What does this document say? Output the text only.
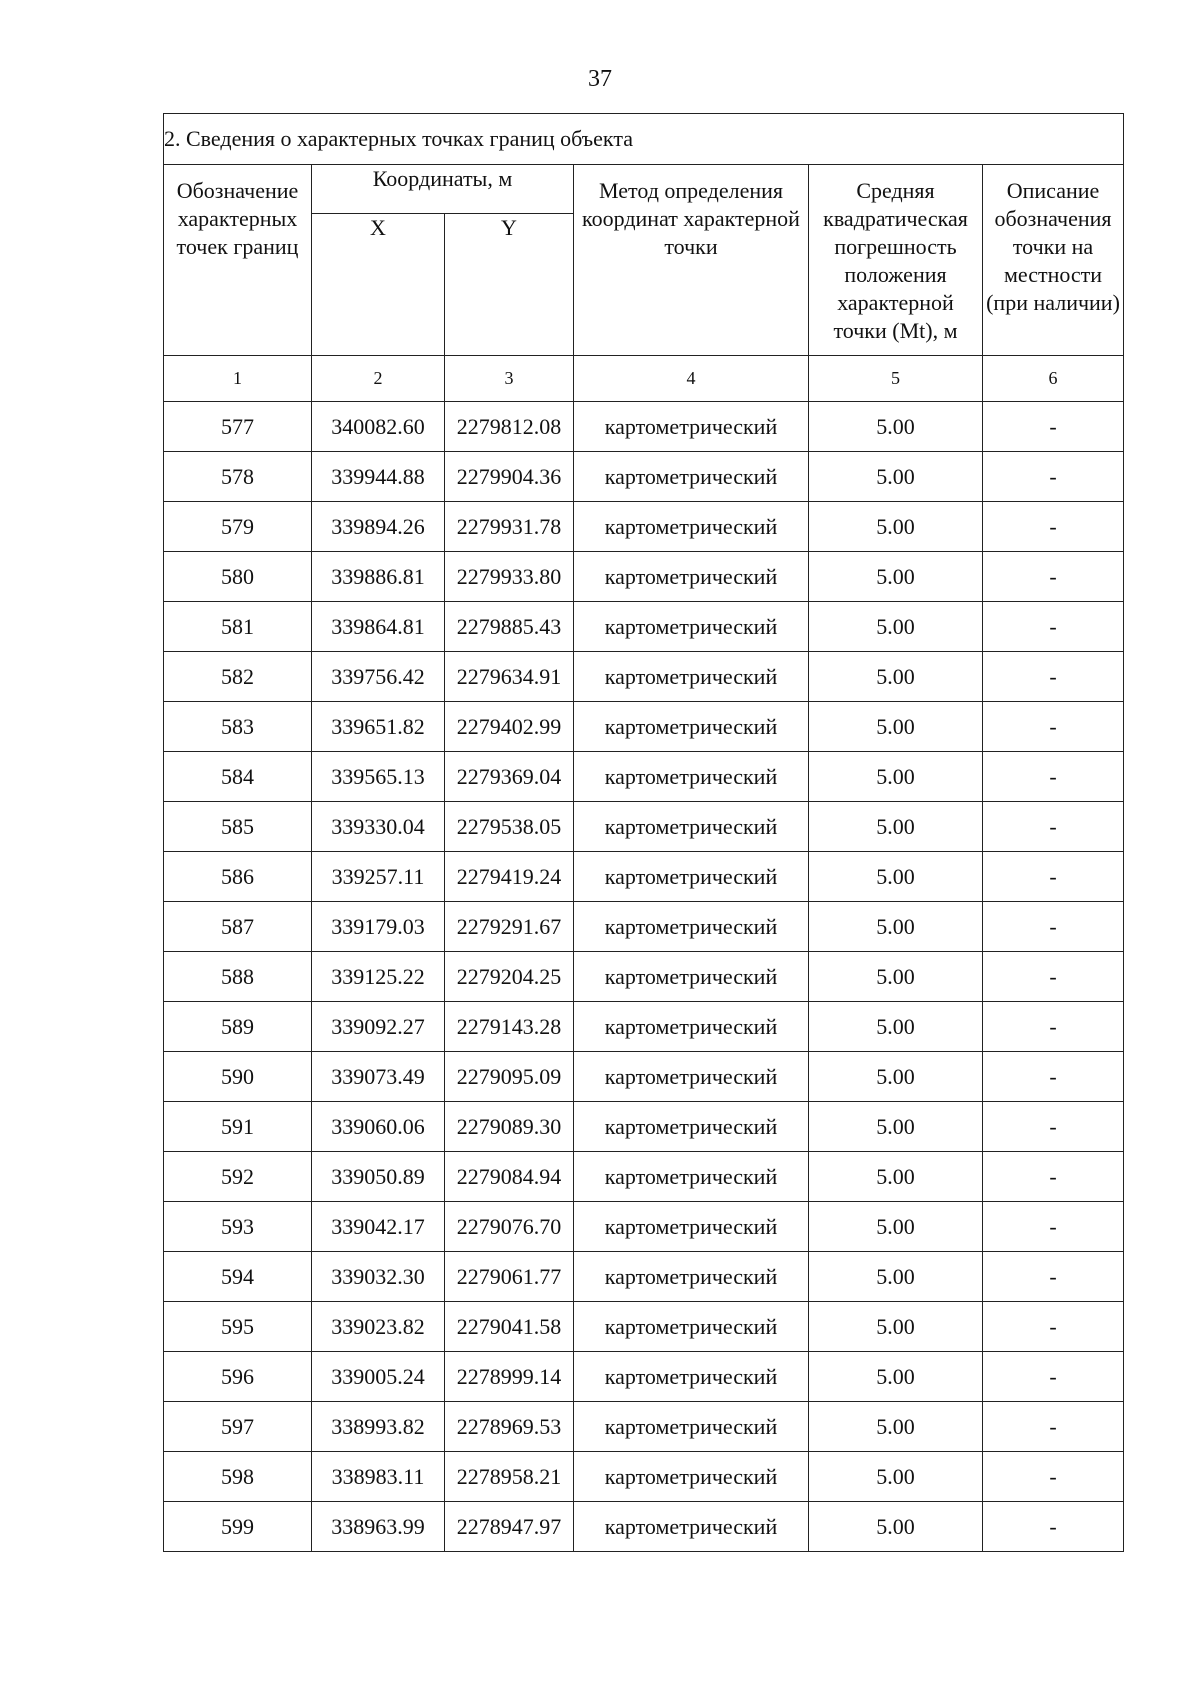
37
2. Сведения о характерных точках границ объекта					
Обозначение характерных точек границ	Координаты, м		Метод определения координат характерной точки	Средняя квадратическая погрешность положения характерной точки (Mt), м	Описание обозначения точки на местности (при наличии)
	X	Y			
1	2	3	4	5	6
577	340082.60	2279812.08	картометрический	5.00	-
578	339944.88	2279904.36	картометрический	5.00	-
579	339894.26	2279931.78	картометрический	5.00	-
580	339886.81	2279933.80	картометрический	5.00	-
581	339864.81	2279885.43	картометрический	5.00	-
582	339756.42	2279634.91	картометрический	5.00	-
583	339651.82	2279402.99	картометрический	5.00	-
584	339565.13	2279369.04	картометрический	5.00	-
585	339330.04	2279538.05	картометрический	5.00	-
586	339257.11	2279419.24	картометрический	5.00	-
587	339179.03	2279291.67	картометрический	5.00	-
588	339125.22	2279204.25	картометрический	5.00	-
589	339092.27	2279143.28	картометрический	5.00	-
590	339073.49	2279095.09	картометрический	5.00	-
591	339060.06	2279089.30	картометрический	5.00	-
592	339050.89	2279084.94	картометрический	5.00	-
593	339042.17	2279076.70	картометрический	5.00	-
594	339032.30	2279061.77	картометрический	5.00	-
595	339023.82	2279041.58	картометрический	5.00	-
596	339005.24	2278999.14	картометрический	5.00	-
597	338993.82	2278969.53	картометрический	5.00	-
598	338983.11	2278958.21	картометрический	5.00	-
599	338963.99	2278947.97	картометрический	5.00	-
